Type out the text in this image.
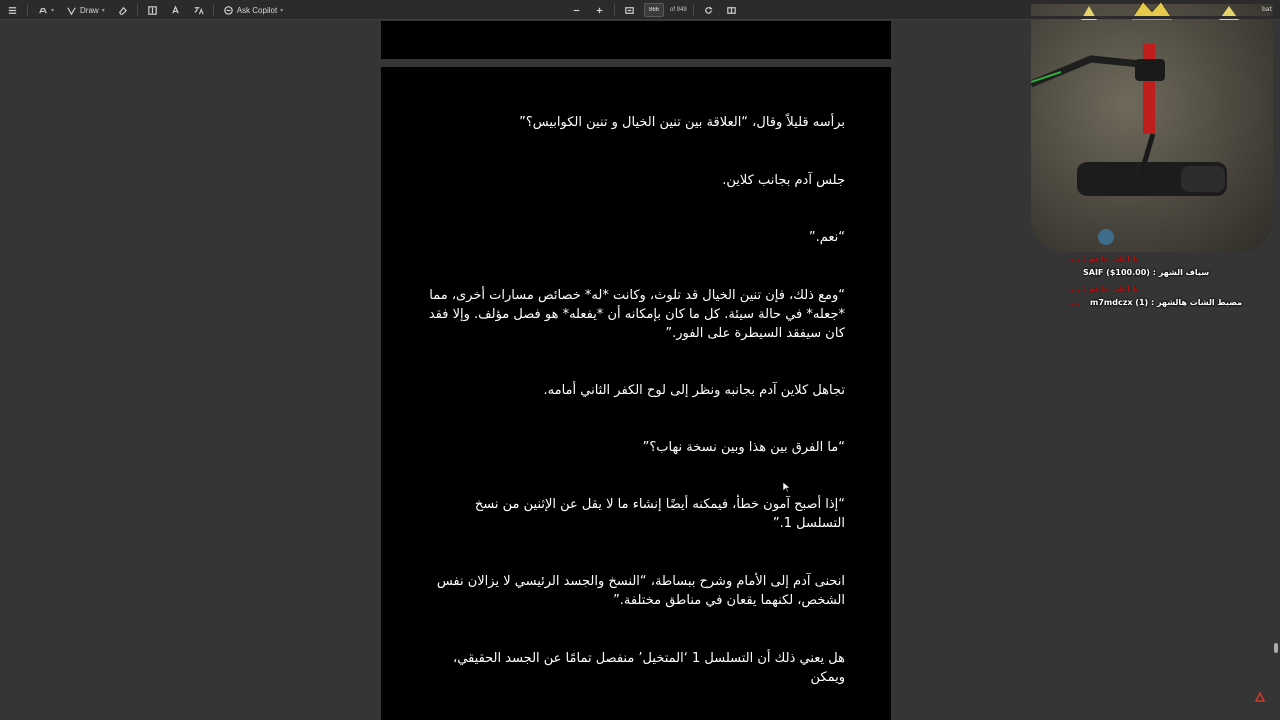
▾	Draw ▾	Ask Copilot ▾
866	of 949

برأسه قليلاً وقال، “العلاقة بين تنين الخيال و تنين الكوابيس؟”

جلس آدم بجانب كلاين.

“نعم.”

“ومع ذلك، فإن تنين الخيال قد تلوث، وكانت *له* خصائص مسارات أخرى، مما *جعله* في حالة سيئة. كل ما كان بإمكانه أن *يفعله* هو فصل مؤلف. وإلا فقد كان سيفقد السيطرة على الفور.”

تجاهل كلاين آدم بجانبه ونظر إلى لوح الكفر الثاني أمامه.

“ما الفرق بين هذا وبين نسخة نهاب؟”

“إذا أصبح آمون خطأ، فيمكنه أيضًا إنشاء ما لا يقل عن الإثنين من نسخ التسلسل 1.”

انحنى آدم إلى الأمام وشرح ببساطة، “النسخ والجسد الرئيسي لا يزالان نفس الشخص، لكنهما يقعان في مناطق مختلفة.”

هل يعني ذلك أن التسلسل 1 ‘المتخيل’ منفصل تمامًا عن الجسد الحقيقي، ويمكن

bat
ثا اعلى داعم : ....
سياف الشهر : SAIF ($100.00)
ثا اعلى داعم : ....
.... مضبط الشات هالشهر : m7mdczx (1)
